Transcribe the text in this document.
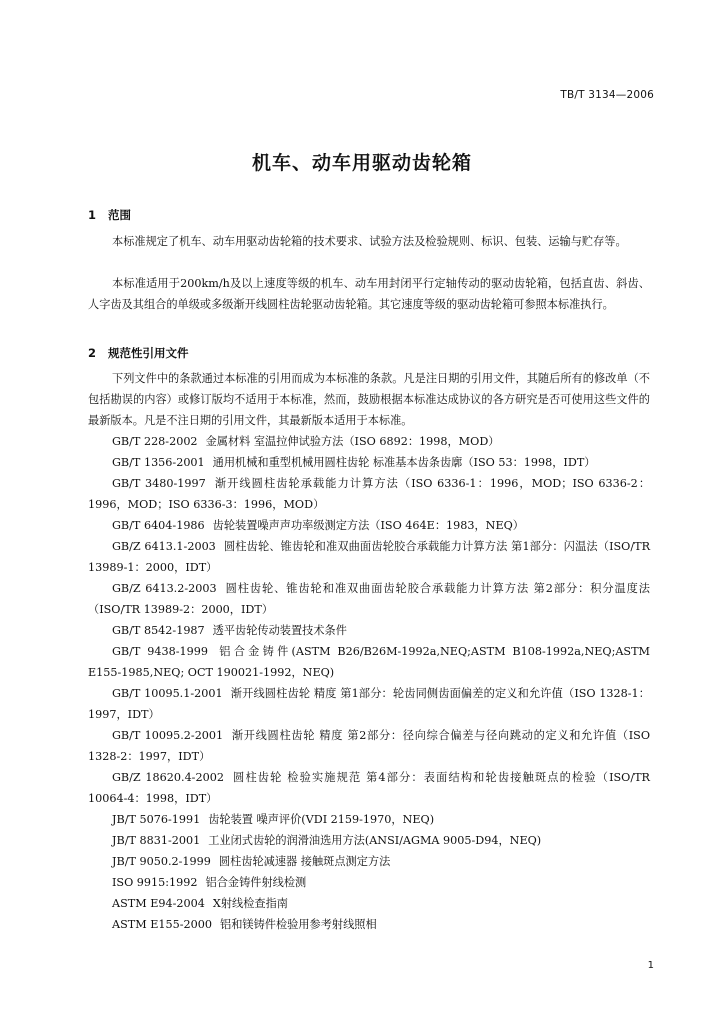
TB/T 3134—2006
机车、动车用驱动齿轮箱
1 范围

本标准规定了机车、动车用驱动齿轮箱的技术要求、试验方法及检验规则、标识、包装、运输与贮存等。

本标准适用于200km/h及以上速度等级的机车、动车用封闭平行定轴传动的驱动齿轮箱，包括直齿、斜齿、人字齿及其组合的单级或多级渐开线圆柱齿轮驱动齿轮箱。其它速度等级的驱动齿轮箱可参照本标准执行。

2 规范性引用文件

下列文件中的条款通过本标准的引用而成为本标准的条款。凡是注日期的引用文件，其随后所有的修改单（不包括勘误的内容）或修订版均不适用于本标准，然而，鼓励根据本标准达成协议的各方研究是否可使用这些文件的最新版本。凡是不注日期的引用文件，其最新版本适用于本标准。

GB/T 228-2002 金属材料 室温拉伸试验方法（ISO 6892：1998，MOD）

GB/T 1356-2001 通用机械和重型机械用圆柱齿轮 标准基本齿条齿廓（ISO 53：1998，IDT）

GB/T 3480-1997 渐开线圆柱齿轮承载能力计算方法（ISO 6336-1：1996，MOD；ISO 6336-2：1996，MOD；ISO 6336-3：1996，MOD）

GB/T 6404-1986 齿轮装置噪声声功率级测定方法（ISO 464E：1983，NEQ）

GB/Z 6413.1-2003 圆柱齿轮、锥齿轮和准双曲面齿轮胶合承载能力计算方法 第1部分：闪温法（ISO/TR 13989-1：2000，IDT）

GB/Z 6413.2-2003 圆柱齿轮、锥齿轮和准双曲面齿轮胶合承载能力计算方法 第2部分：积分温度法（ISO/TR 13989-2：2000，IDT）

GB/T 8542-1987 透平齿轮传动装置技术条件

GB/T 9438-1999 铝合金铸件(ASTM B26/B26M-1992a,NEQ;ASTM B108-1992a,NEQ;ASTM E155-1985,NEQ; OCT 190021-1992，NEQ)

GB/T 10095.1-2001 渐开线圆柱齿轮 精度 第1部分：轮齿同侧齿面偏差的定义和允许值（ISO 1328-1：1997，IDT）

GB/T 10095.2-2001 渐开线圆柱齿轮 精度 第2部分：径向综合偏差与径向跳动的定义和允许值（ISO 1328-2：1997，IDT）

GB/Z 18620.4-2002 圆柱齿轮 检验实施规范 第4部分：表面结构和轮齿接触斑点的检验（ISO/TR 10064-4：1998，IDT）

JB/T 5076-1991 齿轮装置 噪声评价(VDI 2159-1970，NEQ)

JB/T 8831-2001 工业闭式齿轮的润滑油选用方法(ANSI/AGMA 9005-D94，NEQ)

JB/T 9050.2-1999 圆柱齿轮减速器 接触斑点测定方法

ISO 9915:1992 铝合金铸件射线检测

ASTM E94-2004 X射线检查指南

ASTM E155-2000 铝和镁铸件检验用参考射线照相

1
